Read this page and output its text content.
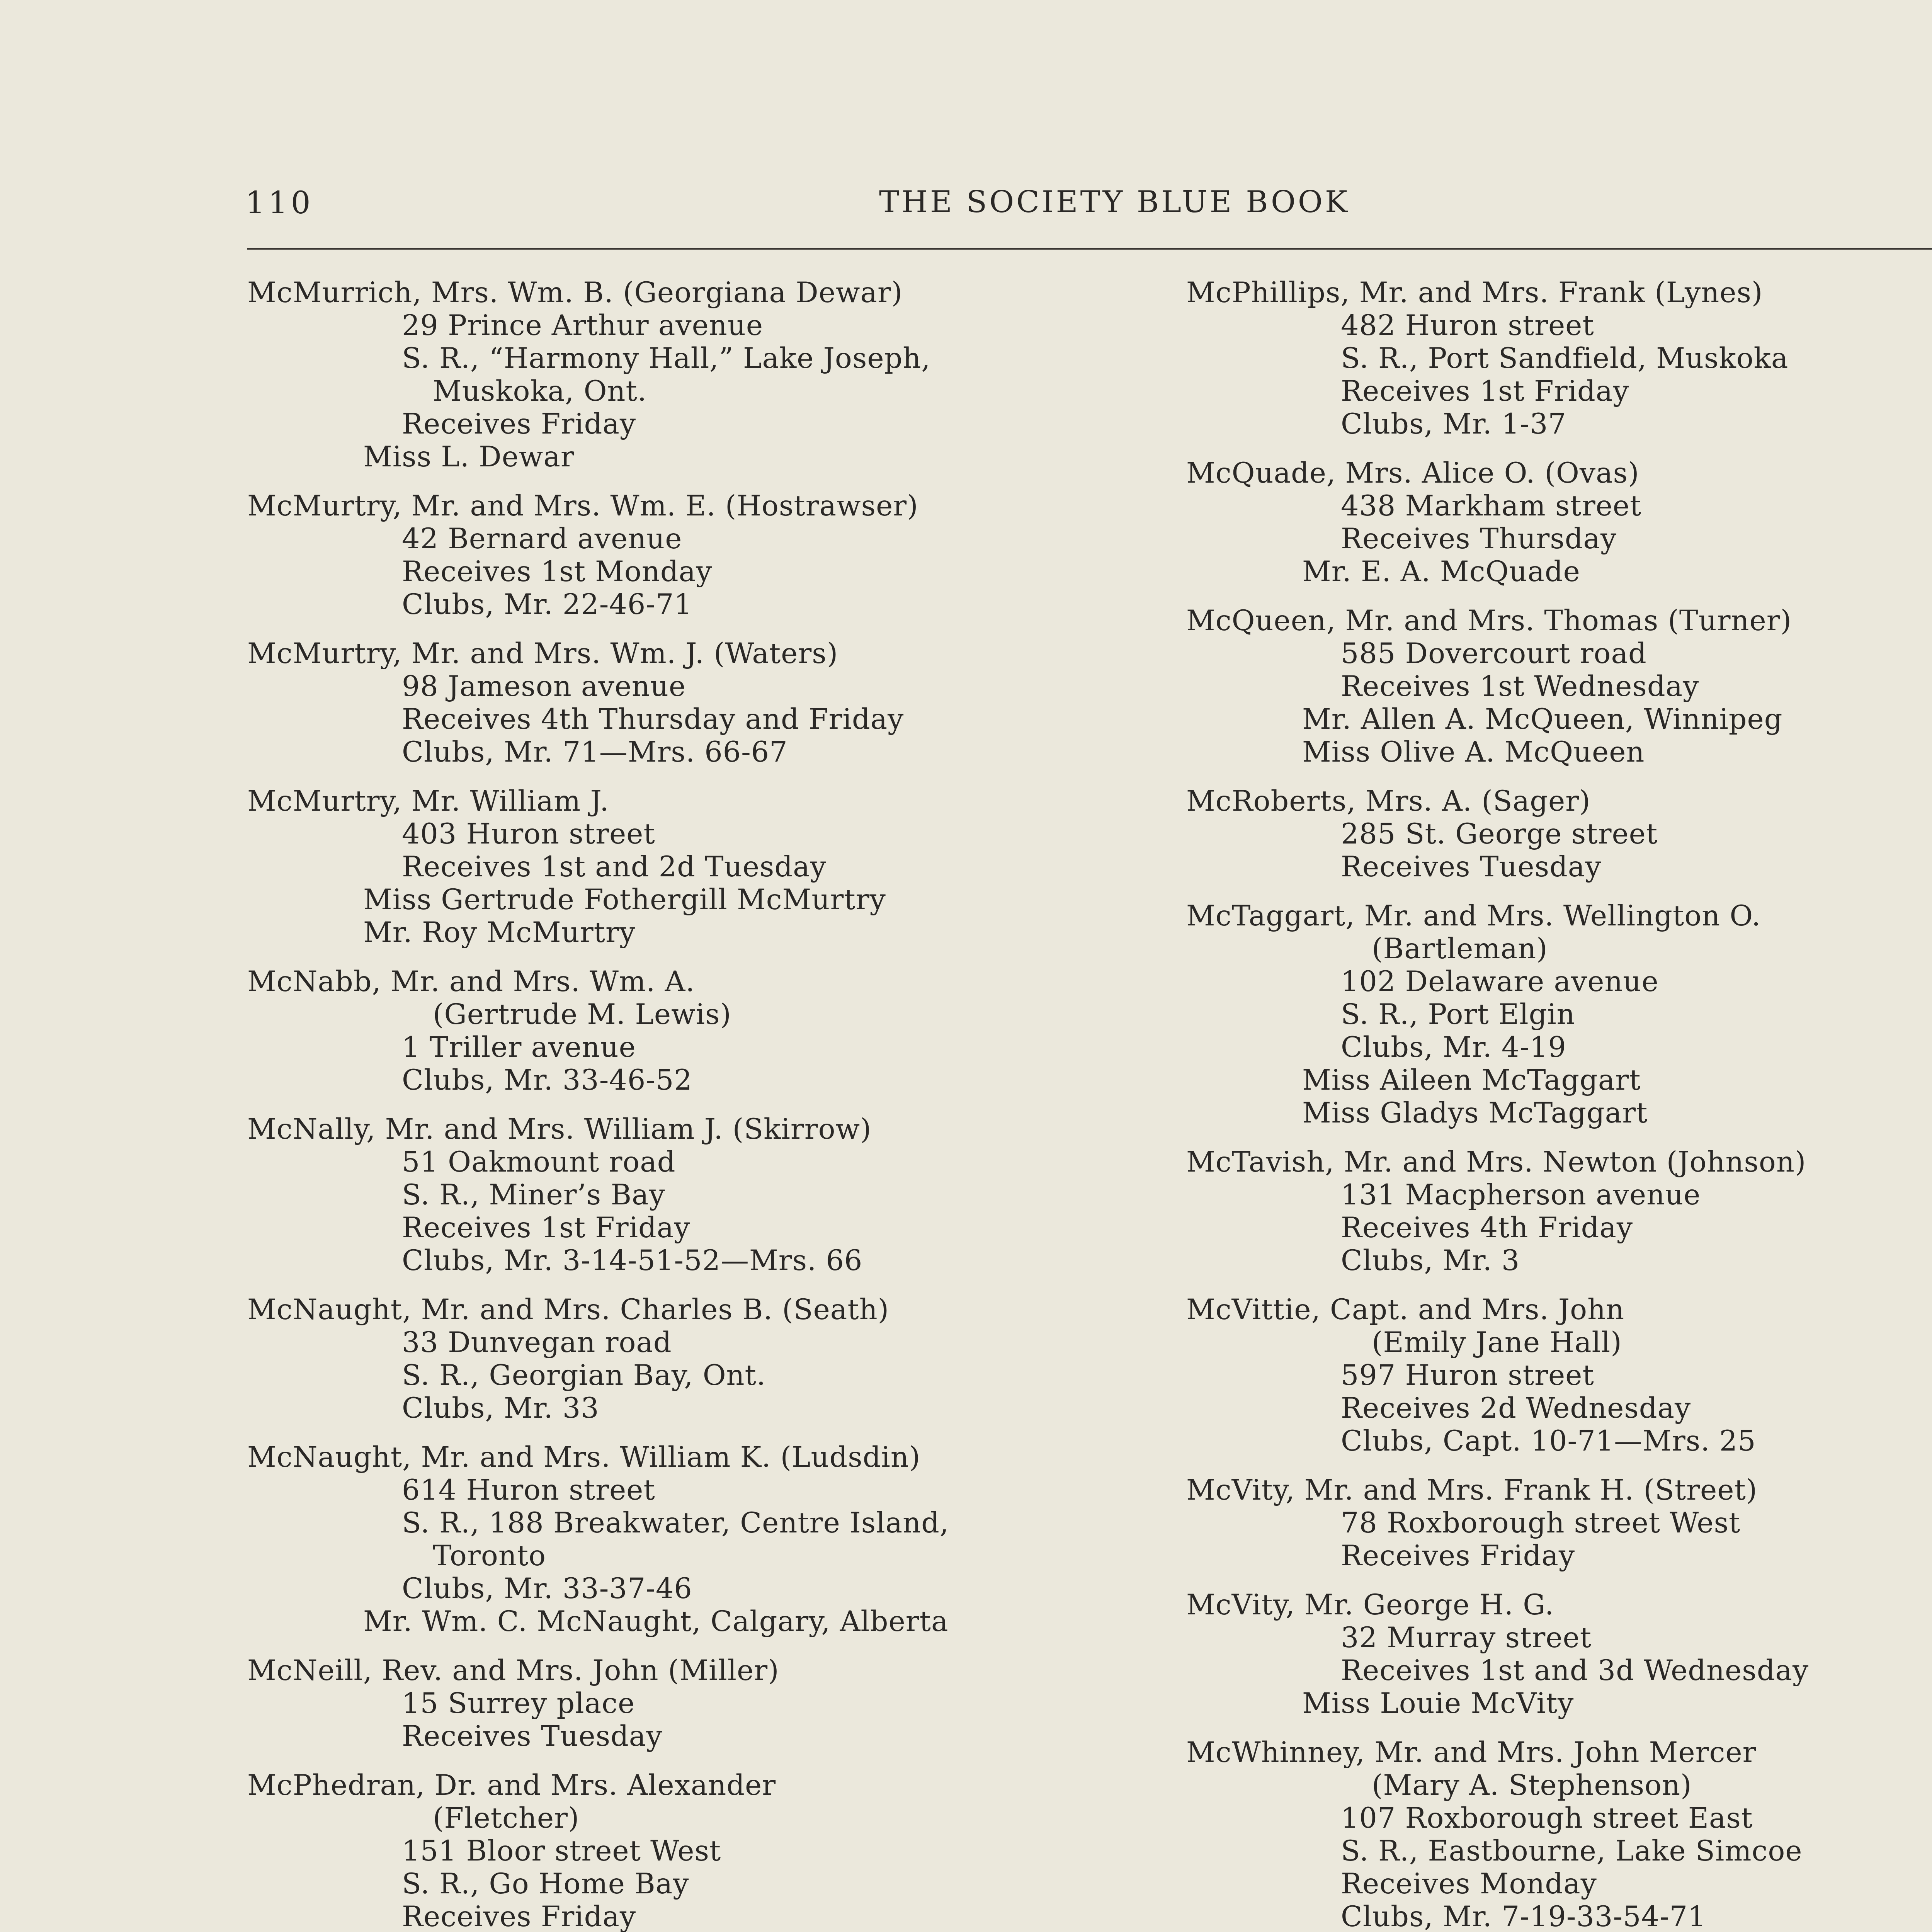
110	THE SOCIETY BLUE BOOK
McMurrich, Mrs. Wm. B. (Georgiana Dewar)
29 Prince Arthur avenue
S. R., “Harmony Hall,” Lake Joseph,
Muskoka, Ont.
Receives Friday
Miss L. Dewar
McMurtry, Mr. and Mrs. Wm. E. (Hostrawser)
42 Bernard avenue
Receives 1st Monday
Clubs, Mr. 22-46-71
McMurtry, Mr. and Mrs. Wm. J. (Waters)
98 Jameson avenue
Receives 4th Thursday and Friday
Clubs, Mr. 71—Mrs. 66-67
McMurtry, Mr. William J.
403 Huron street
Receives 1st and 2d Tuesday
Miss Gertrude Fothergill McMurtry
Mr. Roy McMurtry
McNabb, Mr. and Mrs. Wm. A.
(Gertrude M. Lewis)
1 Triller avenue
Clubs, Mr. 33-46-52
McNally, Mr. and Mrs. William J. (Skirrow)
51 Oakmount road
S. R., Miner’s Bay
Receives 1st Friday
Clubs, Mr. 3-14-51-52—Mrs. 66
McNaught, Mr. and Mrs. Charles B. (Seath)
33 Dunvegan road
S. R., Georgian Bay, Ont.
Clubs, Mr. 33
McNaught, Mr. and Mrs. William K. (Ludsdin)
614 Huron street
S. R., 188 Breakwater, Centre Island,
Toronto
Clubs, Mr. 33-37-46
Mr. Wm. C. McNaught, Calgary, Alberta
McNeill, Rev. and Mrs. John (Miller)
15 Surrey place
Receives Tuesday
McPhedran, Dr. and Mrs. Alexander
(Fletcher)
151 Bloor street West
S. R., Go Home Bay
Receives Friday
McPhillips, Mr. and Mrs. Frank (Lynes)
482 Huron street
S. R., Port Sandfield, Muskoka
Receives 1st Friday
Clubs, Mr. 1-37
McQuade, Mrs. Alice O. (Ovas)
438 Markham street
Receives Thursday
Mr. E. A. McQuade
McQueen, Mr. and Mrs. Thomas (Turner)
585 Dovercourt road
Receives 1st Wednesday
Mr. Allen A. McQueen, Winnipeg
Miss Olive A. McQueen
McRoberts, Mrs. A. (Sager)
285 St. George street
Receives Tuesday
McTaggart, Mr. and Mrs. Wellington O.
(Bartleman)
102 Delaware avenue
S. R., Port Elgin
Clubs, Mr. 4-19
Miss Aileen McTaggart
Miss Gladys McTaggart
McTavish, Mr. and Mrs. Newton (Johnson)
131 Macpherson avenue
Receives 4th Friday
Clubs, Mr. 3
McVittie, Capt. and Mrs. John
(Emily Jane Hall)
597 Huron street
Receives 2d Wednesday
Clubs, Capt. 10-71—Mrs. 25
McVity, Mr. and Mrs. Frank H. (Street)
78 Roxborough street West
Receives Friday
McVity, Mr. George H. G.
32 Murray street
Receives 1st and 3d Wednesday
Miss Louie McVity
McWhinney, Mr. and Mrs. John Mercer
(Mary A. Stephenson)
107 Roxborough street East
S. R., Eastbourne, Lake Simcoe
Receives Monday
Clubs, Mr. 7-19-33-54-71
